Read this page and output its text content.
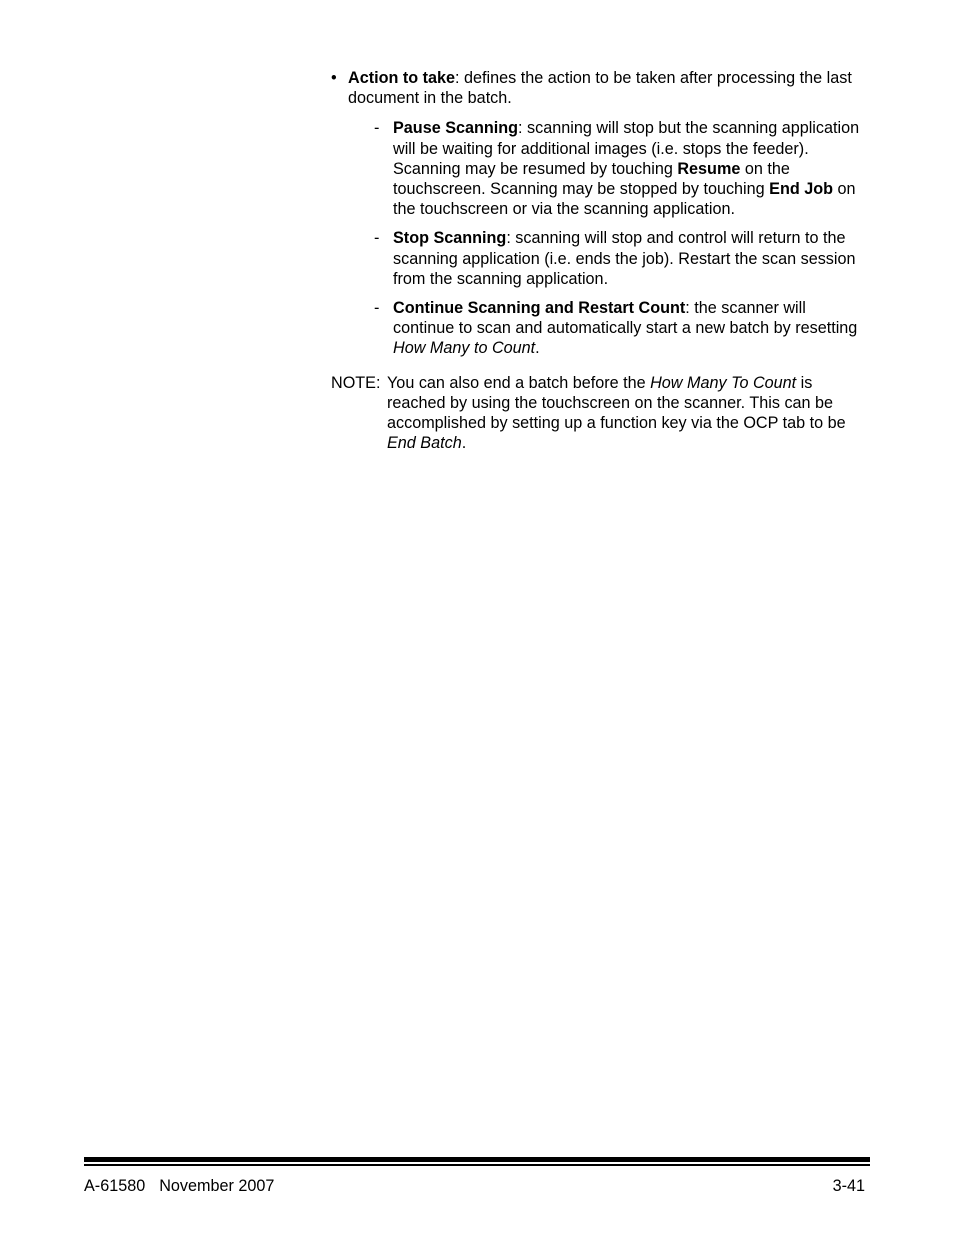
• Action to take: defines the action to be taken after processing the last document in the batch.
- Pause Scanning: scanning will stop but the scanning application will be waiting for additional images (i.e. stops the feeder). Scanning may be resumed by touching Resume on the touchscreen. Scanning may be stopped by touching End Job on the touchscreen or via the scanning application.
- Stop Scanning: scanning will stop and control will return to the scanning application (i.e. ends the job). Restart the scan session from the scanning application.
- Continue Scanning and Restart Count: the scanner will continue to scan and automatically start a new batch by resetting How Many to Count.
NOTE: You can also end a batch before the How Many To Count is reached by using the touchscreen on the scanner. This can be accomplished by setting up a function key via the OCP tab to be End Batch.
A-61580 November 2007	3-41
